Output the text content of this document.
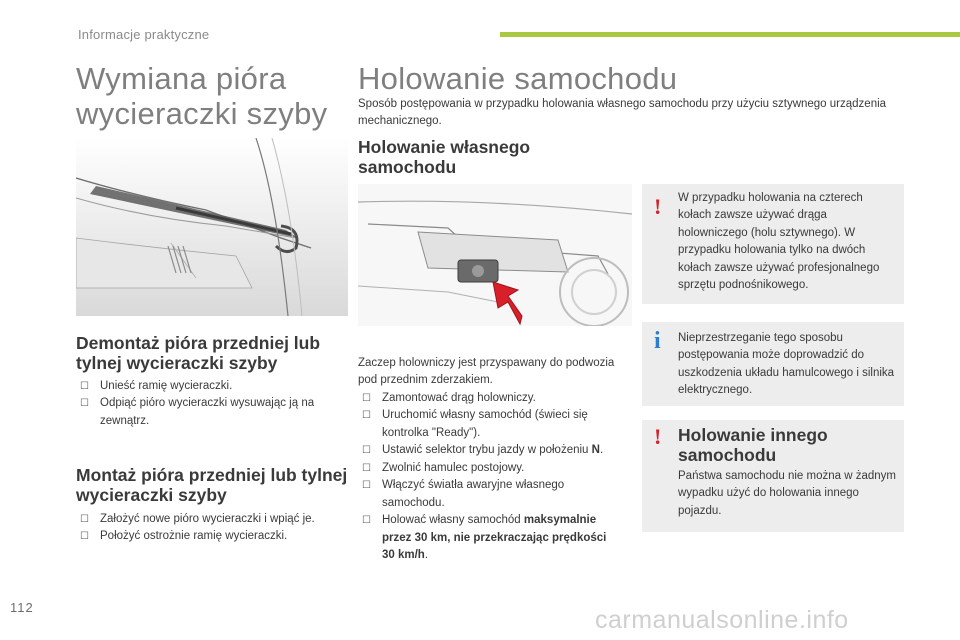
Informacje praktyczne
Wymiana pióra wycieraczki szyby
Holowanie samochodu

Sposób postępowania w przypadku holowania własnego samochodu przy użyciu sztywnego urządzenia mechanicznego.

Holowanie własnego samochodu

Zaczep holowniczy jest przyspawany do podwozia pod przednim zderzakiem.

☐ Zamontować drąg holowniczy.
☐ Uruchomić własny samochód (świeci się kontrolka "Ready").
☐ Ustawić selektor trybu jazdy w położeniu N.
☐ Zwolnić hamulec postojowy.
☐ Włączyć światła awaryjne własnego samochodu.
☐ Holować własny samochód maksymalnie przez 30 km, nie przekraczając prędkości 30 km/h.
Demontaż pióra przedniej lub tylnej wycieraczki szyby
☐ Unieść ramię wycieraczki.
☐ Odpiąć pióro wycieraczki wysuwając ją na zewnątrz.
Montaż pióra przedniej lub tylnej wycieraczki szyby
☐ Założyć nowe pióro wycieraczki i wpiąć je.
☐ Położyć ostrożnie ramię wycieraczki.
! W przypadku holowania na czterech kołach zawsze używać drąga holowniczego (holu sztywnego). W przypadku holowania tylko na dwóch kołach zawsze używać profesjonalnego sprzętu podnośnikowego.

i Nieprzestrzeganie tego sposobu postępowania może doprowadzić do uszkodzenia układu hamulcowego i silnika elektrycznego.

! Holowanie innego samochodu

Państwa samochodu nie można w żadnym wypadku użyć do holowania innego pojazdu.

112	carmanualsonline.info
